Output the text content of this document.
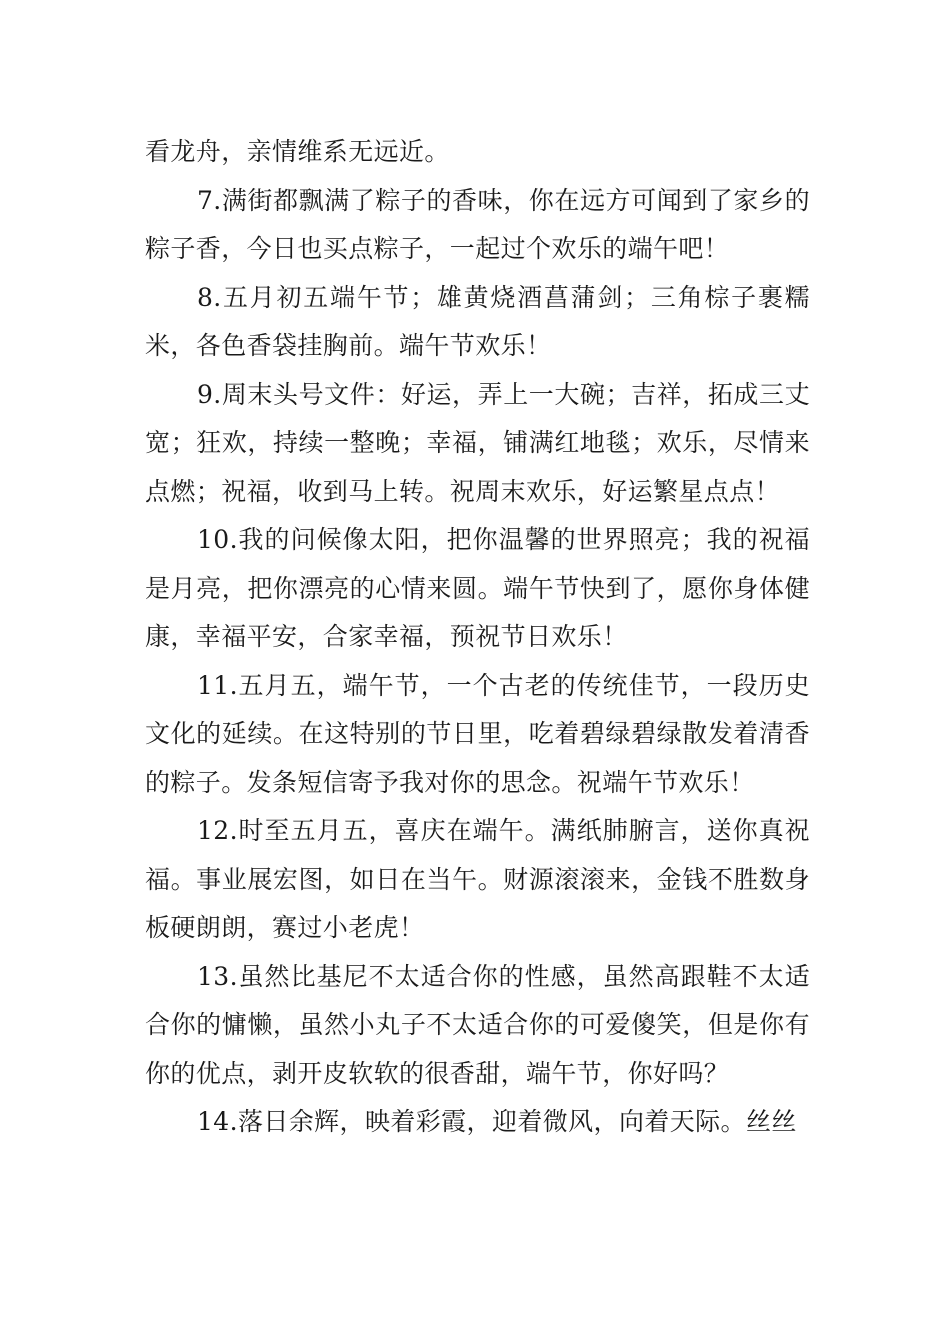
看龙舟，亲情维系无远近。

7.满街都飘满了粽子的香味，你在远方可闻到了家乡的粽子香，今日也买点粽子，一起过个欢乐的端午吧！

8.五月初五端午节；雄黄烧酒菖蒲剑；三角棕子裹糯米，各色香袋挂胸前。端午节欢乐！

9.周末头号文件：好运，弄上一大碗；吉祥，拓成三丈宽；狂欢，持续一整晚；幸福，铺满红地毯；欢乐，尽情来点燃；祝福，收到马上转。祝周末欢乐，好运繁星点点！

10.我的问候像太阳，把你温馨的世界照亮；我的祝福是月亮，把你漂亮的心情来圆。端午节快到了，愿你身体健康，幸福平安，合家幸福，预祝节日欢乐！

11.五月五，端午节，一个古老的传统佳节，一段历史文化的延续。在这特别的节日里，吃着碧绿碧绿散发着清香的粽子。发条短信寄予我对你的思念。祝端午节欢乐！

12.时至五月五，喜庆在端午。满纸肺腑言，送你真祝福。事业展宏图，如日在当午。财源滚滚来，金钱不胜数身板硬朗朗，赛过小老虎！

13.虽然比基尼不太适合你的性感，虽然高跟鞋不太适合你的慵懒，虽然小丸子不太适合你的可爱傻笑，但是你有你的优点，剥开皮软软的很香甜，端午节，你好吗？

14.落日余辉，映着彩霞，迎着微风，向着天际。丝丝
